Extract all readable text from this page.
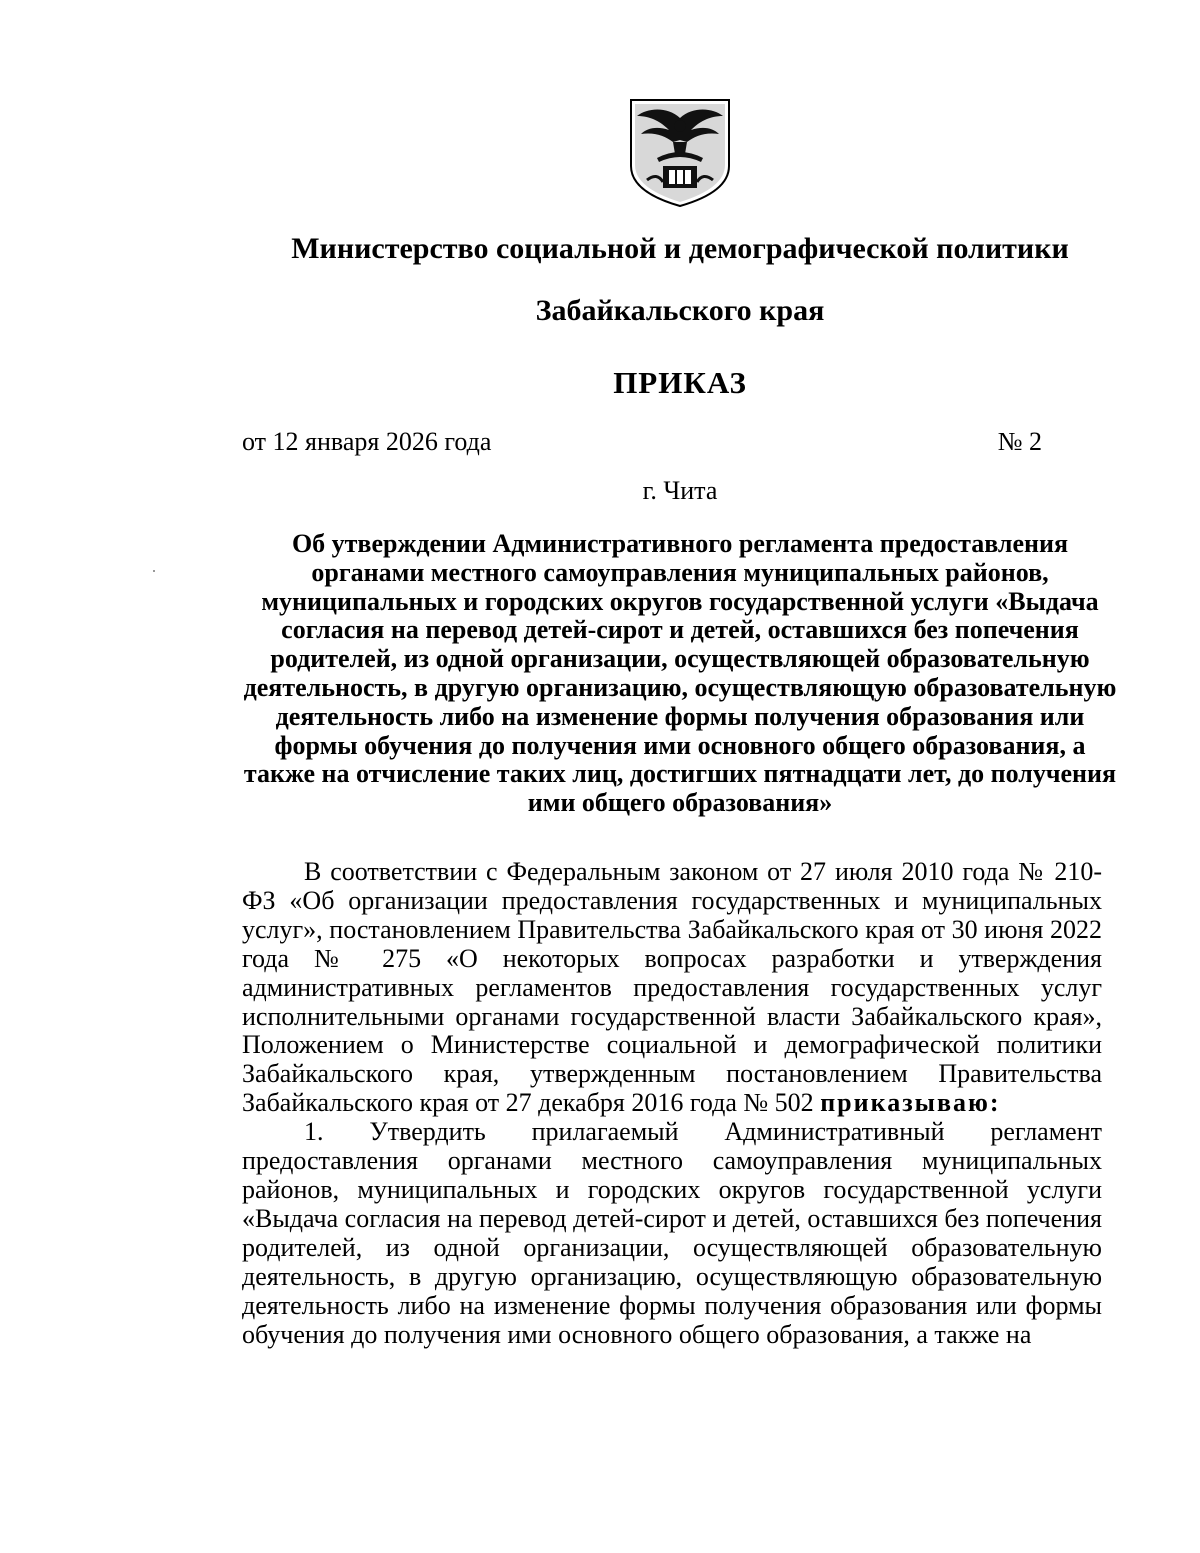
Министерство социальной и демографической политики
Забайкальского края
ПРИКАЗ
от 12 января 2026 года	№ 2
г. Чита
Об утверждении Административного регламента предоставления органами местного самоуправления муниципальных районов, муниципальных и городских округов государственной услуги «Выдача согласия на перевод детей-сирот и детей, оставшихся без попечения родителей, из одной организации, осуществляющей образовательную деятельность, в другую организацию, осуществляющую образовательную деятельность либо на изменение формы получения образования или формы обучения до получения ими основного общего образования, а также на отчисление таких лиц, достигших пятнадцати лет, до получения ими общего образования»

В соответствии с Федеральным законом от 27 июля 2010 года № 210-ФЗ «Об организации предоставления государственных и муниципальных услуг», постановлением Правительства Забайкальского края от 30 июня 2022 года № 275 «О некоторых вопросах разработки и утверждения административных регламентов предоставления государственных услуг исполнительными органами государственной власти Забайкальского края», Положением о Министерстве социальной и демографической политики Забайкальского края, утвержденным постановлением Правительства Забайкальского края от 27 декабря 2016 года № 502 приказываю:

1. Утвердить прилагаемый Административный регламент предоставления органами местного самоуправления муниципальных районов, муниципальных и городских округов государственной услуги «Выдача согласия на перевод детей-сирот и детей, оставшихся без попечения родителей, из одной организации, осуществляющей образовательную деятельность, в другую организацию, осуществляющую образовательную деятельность либо на изменение формы получения образования или формы обучения до получения ими основного общего образования, а также на
